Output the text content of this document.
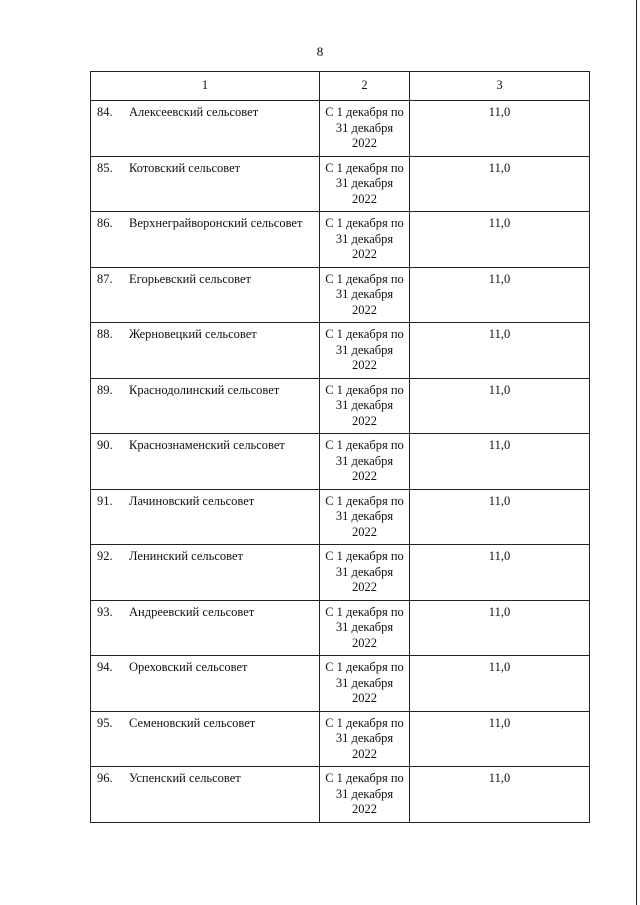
8
1	2	3
84. Алексеевский сельсовет	С 1 декабря по
31 декабря
2022	11,0
85. Котовский сельсовет	С 1 декабря по
31 декабря
2022	11,0
86. Верхнеграйворонский сельсовет	С 1 декабря по
31 декабря
2022	11,0
87. Егорьевский сельсовет	С 1 декабря по
31 декабря
2022	11,0
88. Жерновецкий сельсовет	С 1 декабря по
31 декабря
2022	11,0
89. Краснодолинский сельсовет	С 1 декабря по
31 декабря
2022	11,0
90. Краснознаменский сельсовет	С 1 декабря по
31 декабря
2022	11,0
91. Лачиновский сельсовет	С 1 декабря по
31 декабря
2022	11,0
92. Ленинский сельсовет	С 1 декабря по
31 декабря
2022	11,0
93. Андреевский сельсовет	С 1 декабря по
31 декабря
2022	11,0
94. Ореховский сельсовет	С 1 декабря по
31 декабря
2022	11,0
95. Семеновский сельсовет	С 1 декабря по
31 декабря
2022	11,0
96. Успенский сельсовет	С 1 декабря по
31 декабря
2022	11,0
